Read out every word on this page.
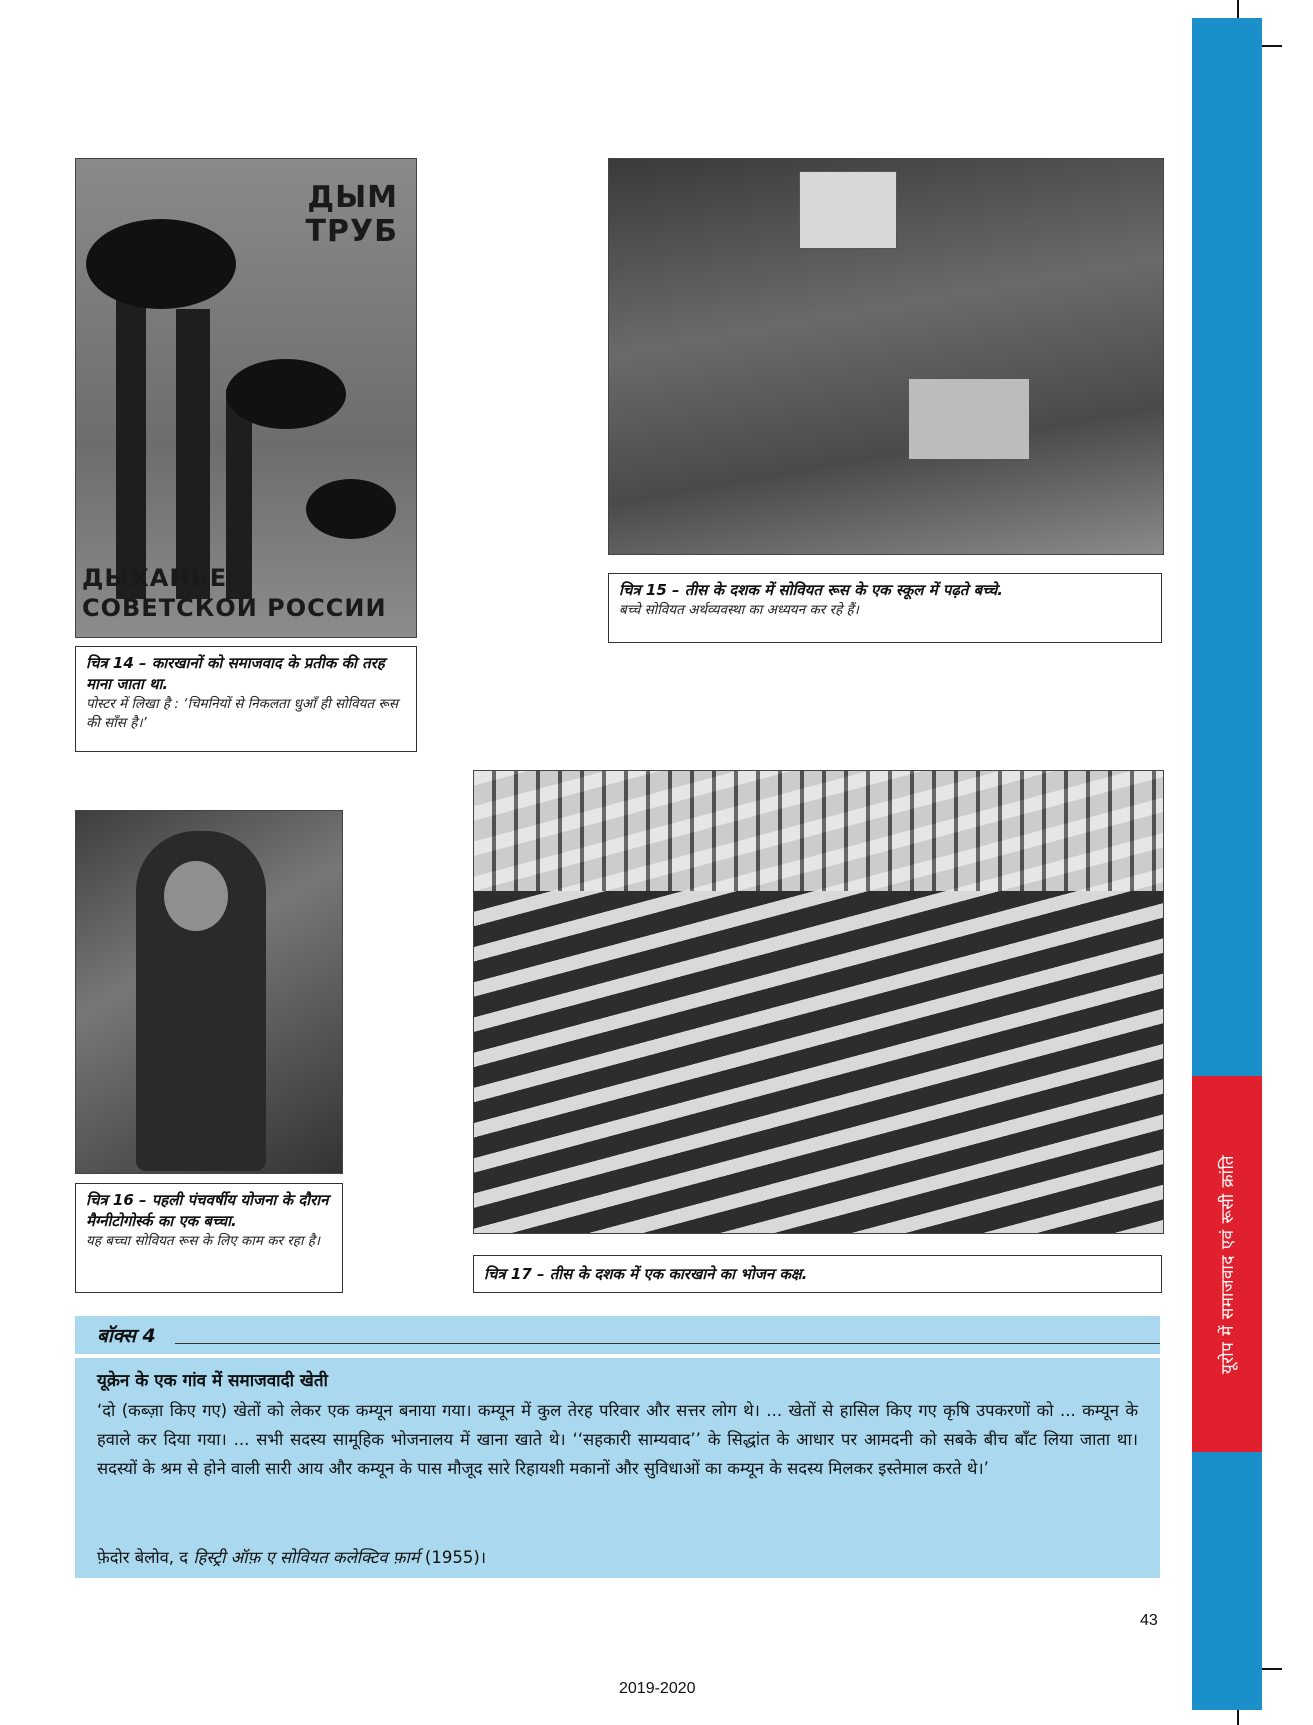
यूरोप में समाजवाद एवं रूसी क्रांति
ДЫМ ТРУБ
ДЫХАНЬЕ СОВЕТСКОЙ РОССИИ
चित्र 14 – कारखानों को समाजवाद के प्रतीक की तरह माना जाता था.
पोस्टर में लिखा है : ‘चिमनियों से निकलता धुआँ ही सोवियत रूस की साँस है।’
चित्र 15 – तीस के दशक में सोवियत रूस के एक स्कूल में पढ़ते बच्चे.
बच्चे सोवियत अर्थव्यवस्था का अध्ययन कर रहे हैं।
चित्र 16 – पहली पंचवर्षीय योजना के दौरान मैग्नीटोगोर्स्क का एक बच्चा.
यह बच्चा सोवियत रूस के लिए काम कर रहा है।
चित्र 17 – तीस के दशक में एक कारखाने का भोजन कक्ष.
बॉक्स 4
यूक्रेन के एक गांव में समाजवादी खेती
‘दो (कब्ज़ा किए गए) खेतों को लेकर एक कम्यून बनाया गया। कम्यून में कुल तेरह परिवार और सत्तर लोग थे। ... खेतों से हासिल किए गए कृषि उपकरणों को ... कम्यून के हवाले कर दिया गया। ... सभी सदस्य सामूहिक भोजनालय में खाना खाते थे। ‘‘सहकारी साम्यवाद’’ के सिद्धांत के आधार पर आमदनी को सबके बीच बाँट लिया जाता था। सदस्यों के श्रम से होने वाली सारी आय और कम्यून के पास मौजूद सारे रिहायशी मकानों और सुविधाओं का कम्यून के सदस्य मिलकर इस्तेमाल करते थे।’
फ़ेदोर बेलोव, द हिस्ट्री ऑफ़ ए सोवियत कलेक्टिव फ़ार्म (1955)।
43
2019-2020
